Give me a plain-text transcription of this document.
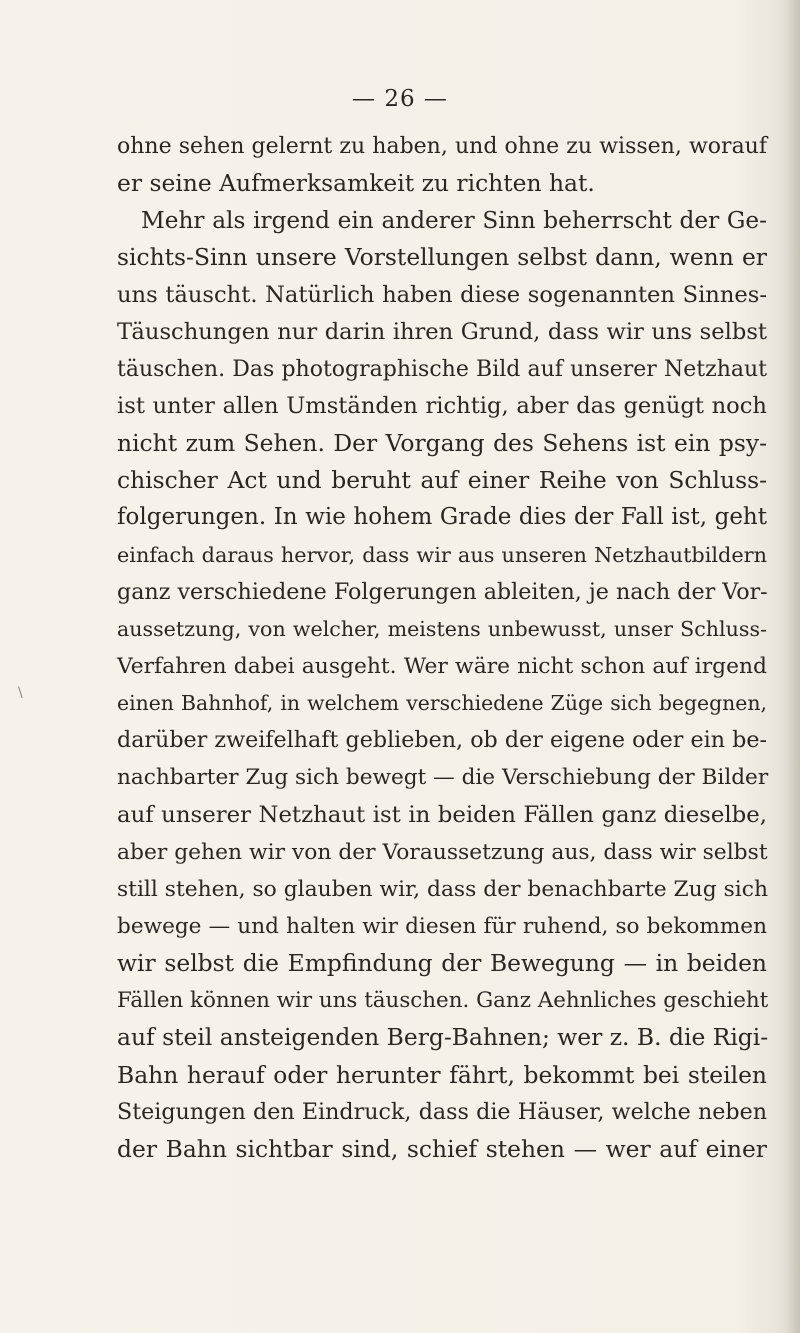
— 26 —
\
ohne sehen gelernt zu haben, und ohne zu wissen, worauf
er seine Aufmerksamkeit zu richten hat.
Mehr als irgend ein anderer Sinn beherrscht der Ge-
sichts-Sinn unsere Vorstellungen selbst dann, wenn er
uns täuscht. Natürlich haben diese sogenannten Sinnes-
Täuschungen nur darin ihren Grund, dass wir uns selbst
täuschen. Das photographische Bild auf unserer Netzhaut
ist unter allen Umständen richtig, aber das genügt noch
nicht zum Sehen. Der Vorgang des Sehens ist ein psy-
chischer Act und beruht auf einer Reihe von Schluss-
folgerungen. In wie hohem Grade dies der Fall ist, geht
einfach daraus hervor, dass wir aus unseren Netzhautbildern
ganz verschiedene Folgerungen ableiten, je nach der Vor-
aussetzung, von welcher, meistens unbewusst, unser Schluss-
Verfahren dabei ausgeht. Wer wäre nicht schon auf irgend
einen Bahnhof, in welchem verschiedene Züge sich begegnen,
darüber zweifelhaft geblieben, ob der eigene oder ein be-
nachbarter Zug sich bewegt — die Verschiebung der Bilder
auf unserer Netzhaut ist in beiden Fällen ganz dieselbe,
aber gehen wir von der Voraussetzung aus, dass wir selbst
still stehen, so glauben wir, dass der benachbarte Zug sich
bewege — und halten wir diesen für ruhend, so bekommen
wir selbst die Empfindung der Bewegung — in beiden
Fällen können wir uns täuschen. Ganz Aehnliches geschieht
auf steil ansteigenden Berg-Bahnen; wer z. B. die Rigi-
Bahn herauf oder herunter fährt, bekommt bei steilen
Steigungen den Eindruck, dass die Häuser, welche neben
der Bahn sichtbar sind, schief stehen — wer auf einer
